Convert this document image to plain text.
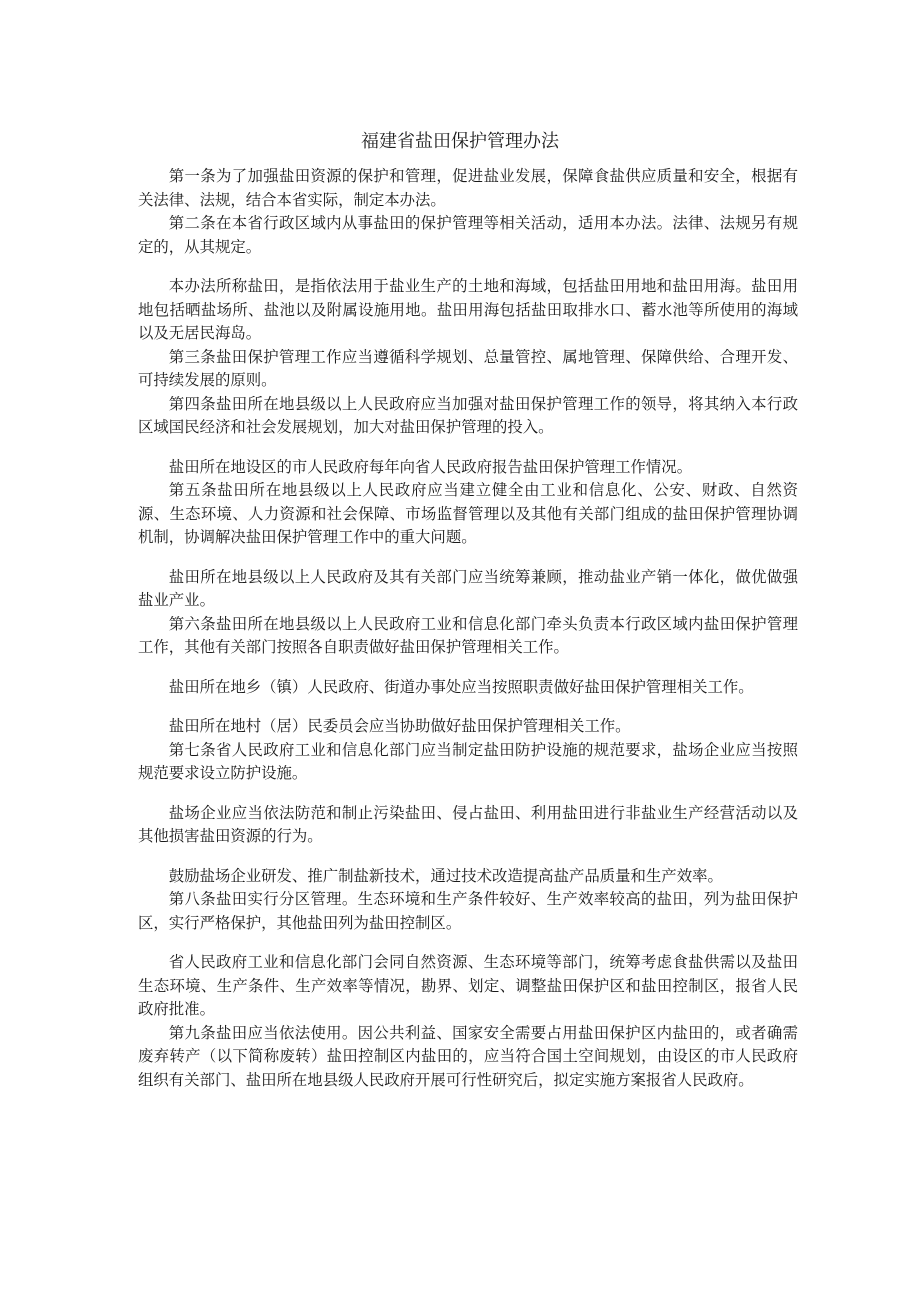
福建省盐田保护管理办法

第一条为了加强盐田资源的保护和管理，促进盐业发展，保障食盐供应质量和安全，根据有关法律、法规，结合本省实际，制定本办法。

第二条在本省行政区域内从事盐田的保护管理等相关活动，适用本办法。法律、法规另有规定的，从其规定。

本办法所称盐田，是指依法用于盐业生产的土地和海域，包括盐田用地和盐田用海。盐田用地包括晒盐场所、盐池以及附属设施用地。盐田用海包括盐田取排水口、蓄水池等所使用的海域以及无居民海岛。

第三条盐田保护管理工作应当遵循科学规划、总量管控、属地管理、保障供给、合理开发、可持续发展的原则。

第四条盐田所在地县级以上人民政府应当加强对盐田保护管理工作的领导，将其纳入本行政区域国民经济和社会发展规划，加大对盐田保护管理的投入。

盐田所在地设区的市人民政府每年向省人民政府报告盐田保护管理工作情况。

第五条盐田所在地县级以上人民政府应当建立健全由工业和信息化、公安、财政、自然资源、生态环境、人力资源和社会保障、市场监督管理以及其他有关部门组成的盐田保护管理协调机制，协调解决盐田保护管理工作中的重大问题。

盐田所在地县级以上人民政府及其有关部门应当统筹兼顾，推动盐业产销一体化，做优做强盐业产业。

第六条盐田所在地县级以上人民政府工业和信息化部门牵头负责本行政区域内盐田保护管理工作，其他有关部门按照各自职责做好盐田保护管理相关工作。

盐田所在地乡（镇）人民政府、街道办事处应当按照职责做好盐田保护管理相关工作。

盐田所在地村（居）民委员会应当协助做好盐田保护管理相关工作。

第七条省人民政府工业和信息化部门应当制定盐田防护设施的规范要求，盐场企业应当按照规范要求设立防护设施。

盐场企业应当依法防范和制止污染盐田、侵占盐田、利用盐田进行非盐业生产经营活动以及其他损害盐田资源的行为。

鼓励盐场企业研发、推广制盐新技术，通过技术改造提高盐产品质量和生产效率。

第八条盐田实行分区管理。生态环境和生产条件较好、生产效率较高的盐田，列为盐田保护区，实行严格保护，其他盐田列为盐田控制区。

省人民政府工业和信息化部门会同自然资源、生态环境等部门，统筹考虑食盐供需以及盐田生态环境、生产条件、生产效率等情况，勘界、划定、调整盐田保护区和盐田控制区，报省人民政府批准。

第九条盐田应当依法使用。因公共利益、国家安全需要占用盐田保护区内盐田的，或者确需废弃转产（以下简称废转）盐田控制区内盐田的，应当符合国土空间规划，由设区的市人民政府组织有关部门、盐田所在地县级人民政府开展可行性研究后，拟定实施方案报省人民政府。
